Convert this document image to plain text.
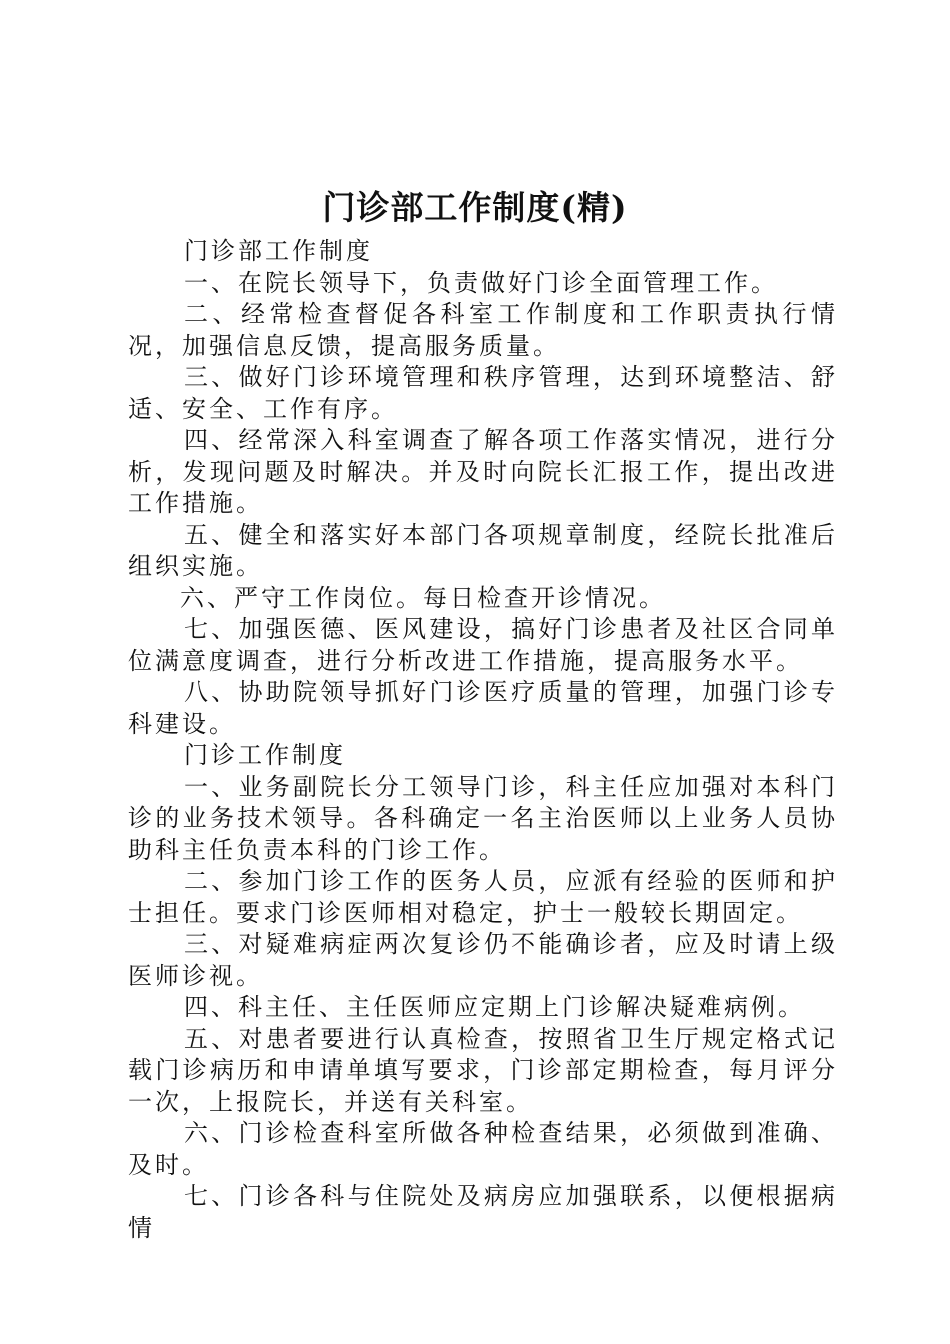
门诊部工作制度(精)

门诊部工作制度

一、在院长领导下，负责做好门诊全面管理工作。

二、经常检查督促各科室工作制度和工作职责执行情况，加强信息反馈，提高服务质量。

三、做好门诊环境管理和秩序管理，达到环境整洁、舒适、安全、工作有序。

四、经常深入科室调查了解各项工作落实情况，进行分析，发现问题及时解决。并及时向院长汇报工作，提出改进工作措施。

五、健全和落实好本部门各项规章制度，经院长批准后组织实施。

六、严守工作岗位。每日检查开诊情况。

七、加强医德、医风建设，搞好门诊患者及社区合同单位满意度调查，进行分析改进工作措施，提高服务水平。

八、协助院领导抓好门诊医疗质量的管理，加强门诊专科建设。

门诊工作制度

一、业务副院长分工领导门诊，科主任应加强对本科门诊的业务技术领导。各科确定一名主治医师以上业务人员协助科主任负责本科的门诊工作。

二、参加门诊工作的医务人员，应派有经验的医师和护士担任。要求门诊医师相对稳定，护士一般较长期固定。

三、对疑难病症两次复诊仍不能确诊者，应及时请上级医师诊视。

四、科主任、主任医师应定期上门诊解决疑难病例。

五、对患者要进行认真检查，按照省卫生厅规定格式记载门诊病历和申请单填写要求，门诊部定期检查，每月评分一次，上报院长，并送有关科室。

六、门诊检查科室所做各种检查结果，必须做到准确、及时。

七、门诊各科与住院处及病房应加强联系，以便根据病情
